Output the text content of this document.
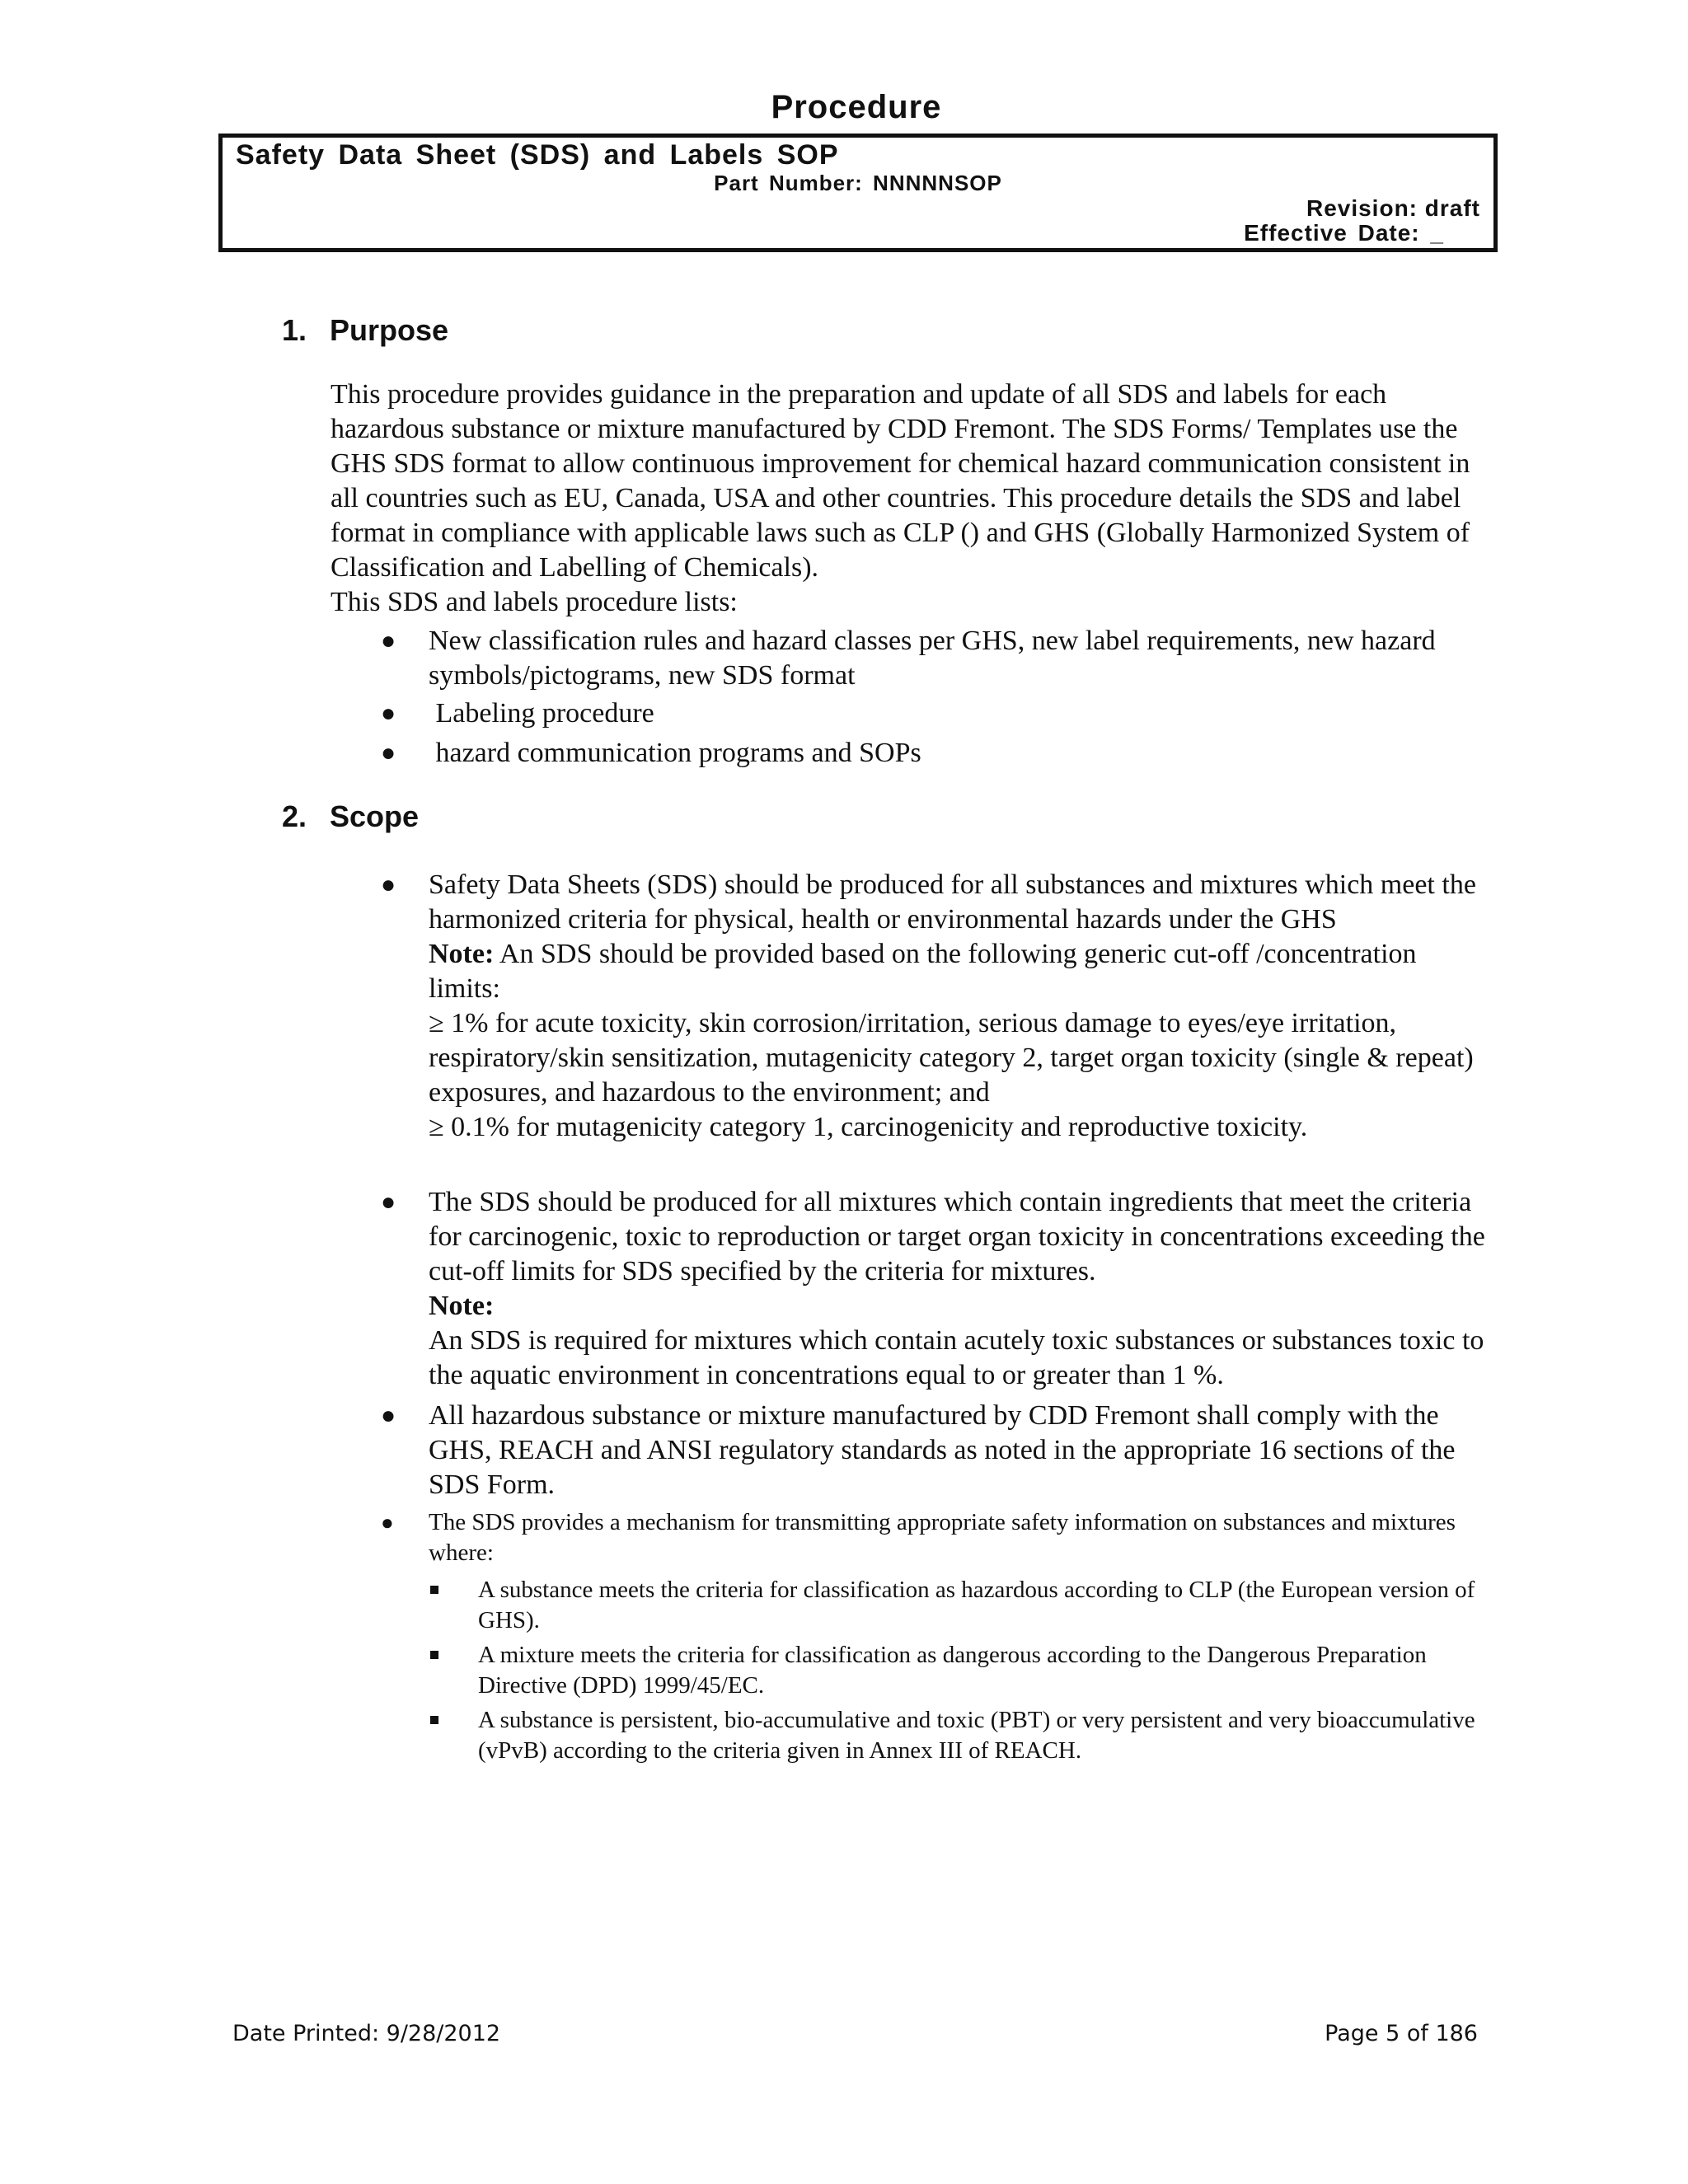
Procedure
Safety Data Sheet (SDS) and Labels SOP
Part Number: NNNNNSOP
Revision: draft
Effective Date: _
1. Purpose

This procedure provides guidance in the preparation and update of all SDS and labels for each hazardous substance or mixture manufactured by CDD Fremont. The SDS Forms/ Templates use the GHS SDS format to allow continuous improvement for chemical hazard communication consistent in all countries such as EU, Canada, USA and other countries. This procedure details the SDS and label format in compliance with applicable laws such as CLP () and GHS (Globally Harmonized System of Classification and Labelling of Chemicals).

This SDS and labels procedure lists:

● New classification rules and hazard classes per GHS, new label requirements, new hazard symbols/pictograms, new SDS format
● Labeling procedure
● hazard communication programs and SOPs
2. Scope
● Safety Data Sheets (SDS) should be produced for all substances and mixtures which meet the harmonized criteria for physical, health or environmental hazards under the GHS
Note: An SDS should be provided based on the following generic cut-off /concentration limits:
≥ 1% for acute toxicity, skin corrosion/irritation, serious damage to eyes/eye irritation, respiratory/skin sensitization, mutagenicity category 2, target organ toxicity (single & repeat) exposures, and hazardous to the environment; and
≥ 0.1% for mutagenicity category 1, carcinogenicity and reproductive toxicity.
● The SDS should be produced for all mixtures which contain ingredients that meet the criteria for carcinogenic, toxic to reproduction or target organ toxicity in concentrations exceeding the cut-off limits for SDS specified by the criteria for mixtures.
Note:
An SDS is required for mixtures which contain acutely toxic substances or substances toxic to the aquatic environment in concentrations equal to or greater than 1 %.
● All hazardous substance or mixture manufactured by CDD Fremont shall comply with the GHS, REACH and ANSI regulatory standards as noted in the appropriate 16 sections of the SDS Form.
● The SDS provides a mechanism for transmitting appropriate safety information on substances and mixtures where:
A substance meets the criteria for classification as hazardous according to CLP (the European version of GHS).
A mixture meets the criteria for classification as dangerous according to the Dangerous Preparation Directive (DPD) 1999/45/EC.
A substance is persistent, bio-accumulative and toxic (PBT) or very persistent and very bioaccumulative (vPvB) according to the criteria given in Annex III of REACH.
Date Printed: 9/28/2012	Page 5 of 186
